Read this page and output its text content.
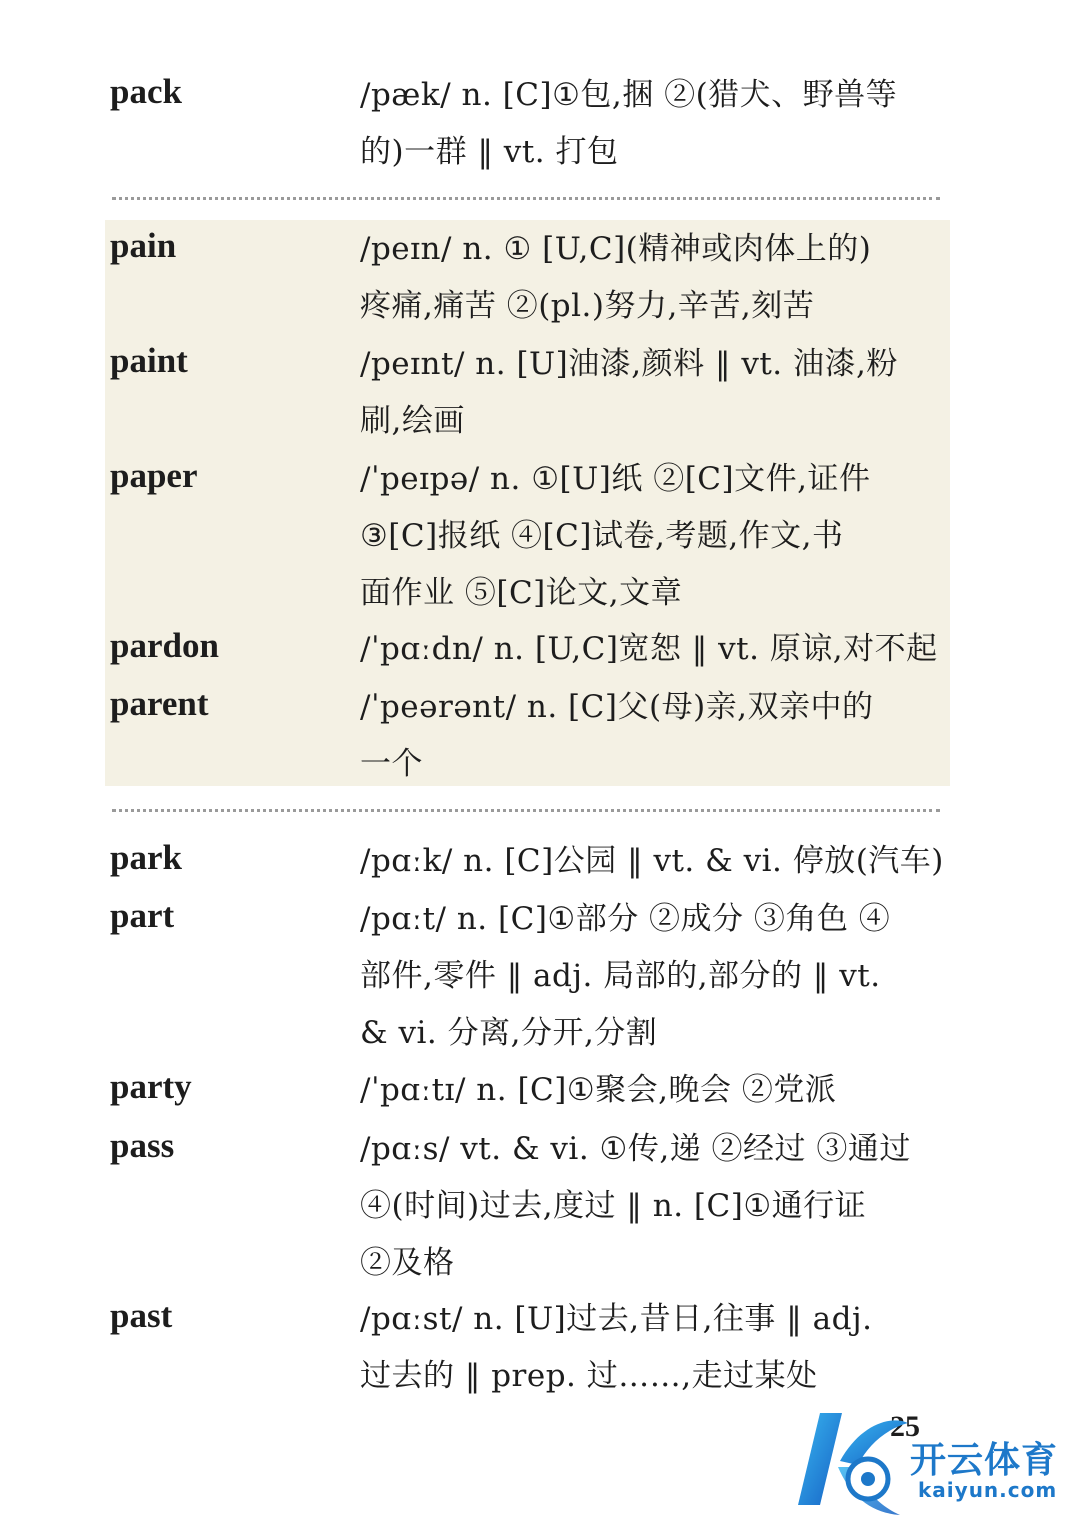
pack	/pæk/ n. [C]①包,捆 ②(猎犬、野兽等
的)一群 ‖ vt. 打包
pain	/peɪn/ n. ① [U,C](精神或肉体上的)
疼痛,痛苦 ②(pl.)努力,辛苦,刻苦
paint	/peɪnt/ n. [U]油漆,颜料 ‖ vt. 油漆,粉
刷,绘画
paper	/ˈpeɪpə/ n. ①[U]纸 ②[C]文件,证件
③[C]报纸 ④[C]试卷,考题,作文,书
面作业 ⑤[C]论文,文章
pardon	/ˈpɑːdn/ n. [U,C]宽恕 ‖ vt. 原谅,对不起
parent	/ˈpeərənt/ n. [C]父(母)亲,双亲中的
一个
park	/pɑːk/ n. [C]公园 ‖ vt. & vi. 停放(汽车)
part	/pɑːt/ n. [C]①部分 ②成分 ③角色 ④
部件,零件 ‖ adj. 局部的,部分的 ‖ vt.
& vi. 分离,分开,分割
party	/ˈpɑːtɪ/ n. [C]①聚会,晚会 ②党派
pass	/pɑːs/ vt. & vi. ①传,递 ②经过 ③通过
④(时间)过去,度过 ‖ n. [C]①通行证
②及格
past	/pɑːst/ n. [U]过去,昔日,往事 ‖ adj.
过去的 ‖ prep. 过……,走过某处
25
开云体育
kaiyun.com
